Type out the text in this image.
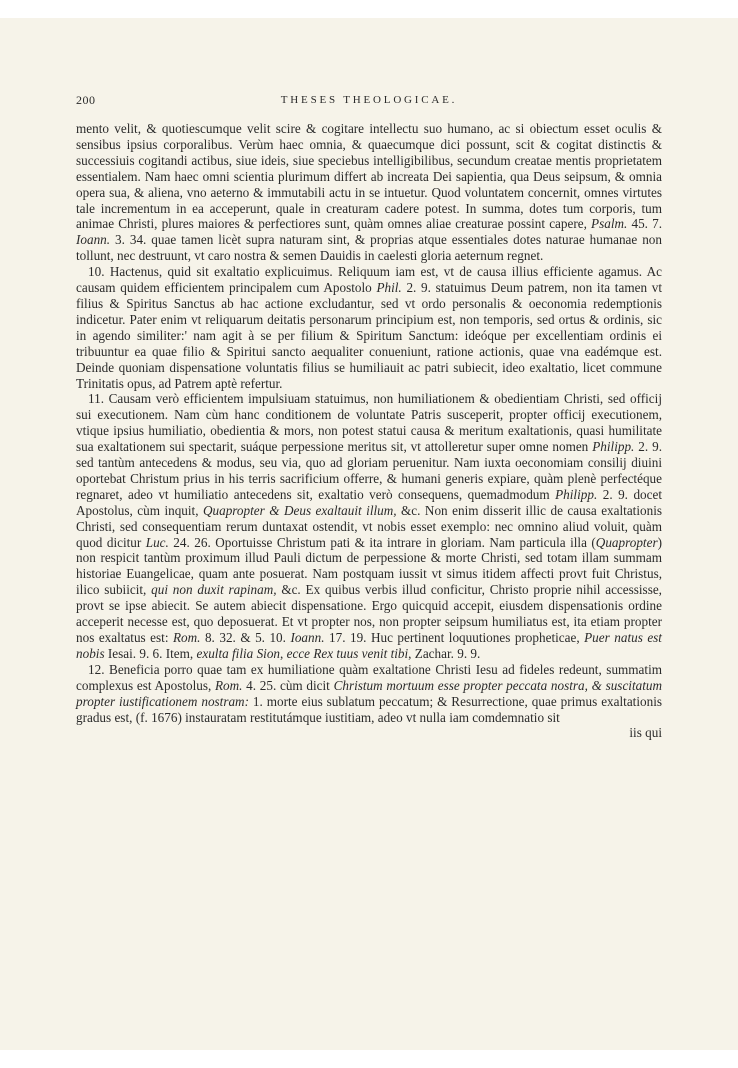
200	THESES THEOLOGICAE.

mento velit, & quotiescumque velit scire & cogitare intellectu suo humano, ac si obiectum esset oculis & sensibus ipsius corporalibus. Verùm haec omnia, & quaecumque dici possunt, scit & cogitat distinctis & successiuis cogitandi actibus, siue ideis, siue speciebus intelligibilibus, secundum creatae mentis proprietatem essentialem. Nam haec omni scientia plurimum differt ab increata Dei sapientia, qua Deus seipsum, & omnia opera sua, & aliena, vno aeterno & immutabili actu in se intuetur. Quod voluntatem concernit, omnes virtutes tale incrementum in ea acceperunt, quale in creaturam cadere potest. In summa, dotes tum corporis, tum animae Christi, plures maiores & perfectiores sunt, quàm omnes aliae creaturae possint capere, Psalm. 45. 7. Ioann. 3. 34. quae tamen licèt supra naturam sint, & proprias atque essentiales dotes naturae humanae non tollunt, nec destruunt, vt caro nostra & semen Dauidis in caelesti gloria aeternum regnet.

10. Hactenus, quid sit exaltatio explicuimus. Reliquum iam est, vt de causa illius efficiente agamus. Ac causam quidem efficientem principalem cum Apostolo Phil. 2. 9. statuimus Deum patrem, non ita tamen vt filius & Spiritus Sanctus ab hac actione excludantur, sed vt ordo personalis & oeconomia redemptionis indicetur. Pater enim vt reliquarum deitatis personarum principium est, non temporis, sed ortus & ordinis, sic in agendo similiter:' nam agit à se per filium & Spiritum Sanctum: ideóque per excellentiam ordinis ei tribuuntur ea quae filio & Spiritui sancto aequaliter conueniunt, ratione actionis, quae vna eadémque est. Deinde quoniam dispensatione voluntatis filius se humiliauit ac patri subiecit, ideo exaltatio, licet commune Trinitatis opus, ad Patrem aptè refertur.

11. Causam verò efficientem impulsiuam statuimus, non humiliationem & obedientiam Christi, sed officij sui executionem. Nam cùm hanc conditionem de voluntate Patris susceperit, propter officij executionem, vtique ipsius humiliatio, obedientia & mors, non potest statui causa & meritum exaltationis, quasi humilitate sua exaltationem sui spectarit, suáque perpessione meritus sit, vt attolleretur super omne nomen Philipp. 2. 9. sed tantùm antecedens & modus, seu via, quo ad gloriam peruenitur. Nam iuxta oeconomiam consilij diuini oportebat Christum prius in his terris sacrificium offerre, & humani generis expiare, quàm plenè perfectéque regnaret, adeo vt humiliatio antecedens sit, exaltatio verò consequens, quemadmodum Philipp. 2. 9. docet Apostolus, cùm inquit, Quapropter & Deus exaltauit illum, &c. Non enim disserit illic de causa exaltationis Christi, sed consequentiam rerum duntaxat ostendit, vt nobis esset exemplo: nec omnino aliud voluit, quàm quod dicitur Luc. 24. 26. Oportuisse Christum pati & ita intrare in gloriam. Nam particula illa (Quapropter) non respicit tantùm proximum illud Pauli dictum de perpessione & morte Christi, sed totam illam summam historiae Euangelicae, quam ante posuerat. Nam postquam iussit vt simus itidem affecti provt fuit Christus, ilico subiicit, qui non duxit rapinam, &c. Ex quibus verbis illud conficitur, Christo proprie nihil accessisse, provt se ipse abiecit. Se autem abiecit dispensatione. Ergo quicquid accepit, eiusdem dispensationis ordine acceperit necesse est, quo deposuerat. Et vt propter nos, non propter seipsum humiliatus est, ita etiam propter nos exaltatus est: Rom. 8. 32. & 5. 10. Ioann. 17. 19. Huc pertinent loquutiones propheticae, Puer natus est nobis Iesai. 9. 6. Item, exulta filia Sion, ecce Rex tuus venit tibi, Zachar. 9. 9.

12. Beneficia porro quae tam ex humiliatione quàm exaltatione Christi Iesu ad fideles redeunt, summatim complexus est Apostolus, Rom. 4. 25. cùm dicit Christum mortuum esse propter peccata nostra, & suscitatum propter iustificationem nostram: 1. morte eius sublatum peccatum; & Resurrectione, quae primus exaltationis gradus est, (f. 1676) instauratam restitutámque iustitiam, adeo vt nulla iam comdemnatio sit
iis qui
